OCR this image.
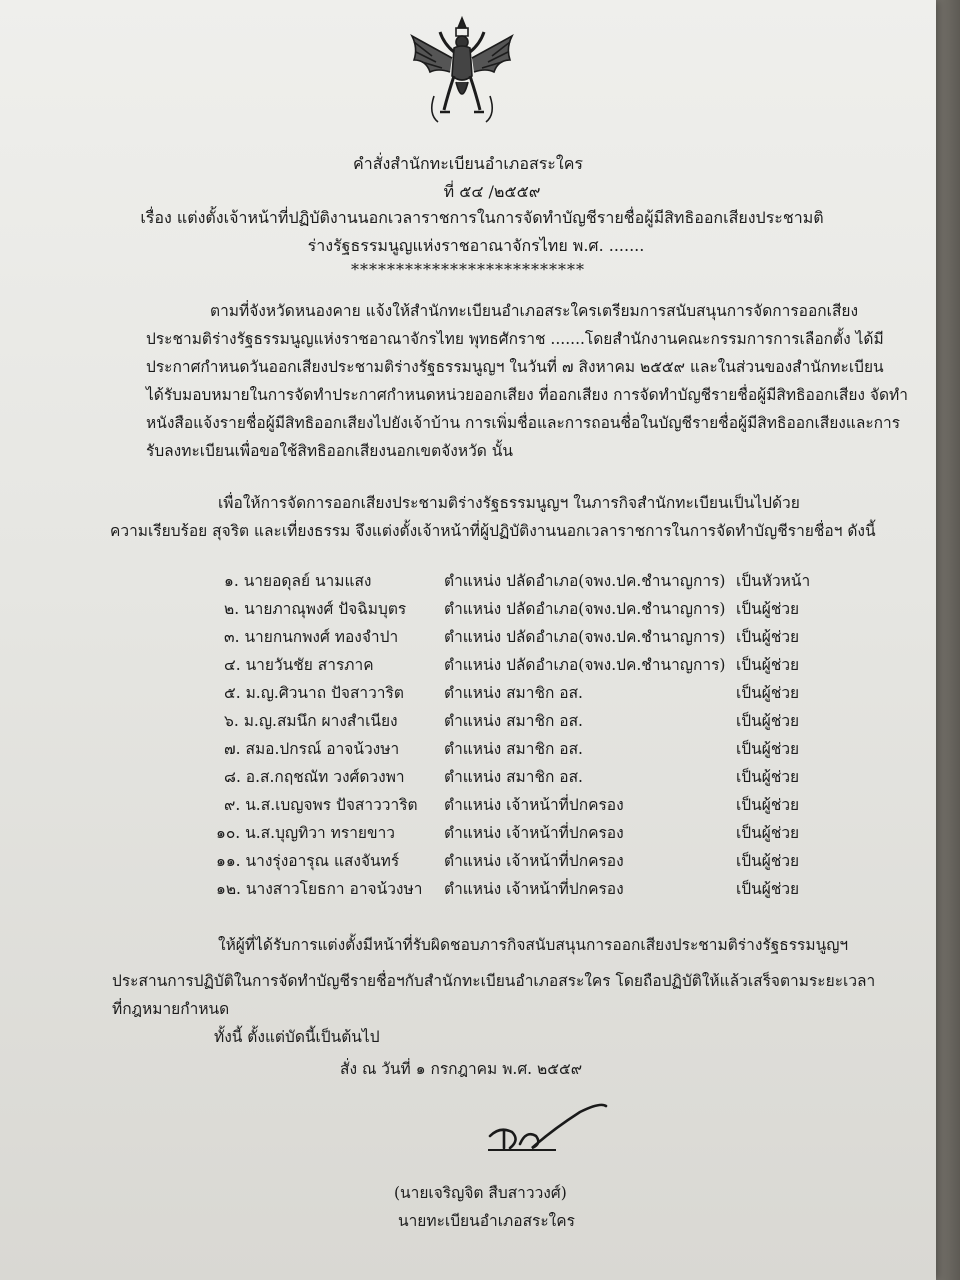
คำสั่งสำนักทะเบียนอำเภอสระใคร
ที่ ๕๔ /๒๕๕๙
เรื่อง แต่งตั้งเจ้าหน้าที่ปฏิบัติงานนอกเวลาราชการในการจัดทำบัญชีรายชื่อผู้มีสิทธิออกเสียงประชามติ
ร่างรัฐธรรมนูญแห่งราชอาณาจักรไทย พ.ศ. .......
**************************
ตามที่จังหวัดหนองคาย แจ้งให้สำนักทะเบียนอำเภอสระใครเตรียมการสนับสนุนการจัดการออกเสียง
ประชามติร่างรัฐธรรมนูญแห่งราชอาณาจักรไทย พุทธศักราช .......โดยสำนักงานคณะกรรมการการเลือกตั้ง ได้มี
ประกาศกำหนดวันออกเสียงประชามติร่างรัฐธรรมนูญฯ ในวันที่ ๗ สิงหาคม ๒๕๕๙ และในส่วนของสำนักทะเบียน
ได้รับมอบหมายในการจัดทำประกาศกำหนดหน่วยออกเสียง ที่ออกเสียง การจัดทำบัญชีรายชื่อผู้มีสิทธิออกเสียง จัดทำ
หนังสือแจ้งรายชื่อผู้มีสิทธิออกเสียงไปยังเจ้าบ้าน การเพิ่มชื่อและการถอนชื่อในบัญชีรายชื่อผู้มีสิทธิออกเสียงและการ
รับลงทะเบียนเพื่อขอใช้สิทธิออกเสียงนอกเขตจังหวัด นั้น
เพื่อให้การจัดการออกเสียงประชามติร่างรัฐธรรมนูญฯ ในภารกิจสำนักทะเบียนเป็นไปด้วย
ความเรียบร้อย สุจริต และเที่ยงธรรม จึงแต่งตั้งเจ้าหน้าที่ผู้ปฏิบัติงานนอกเวลาราชการในการจัดทำบัญชีรายชื่อฯ ดังนี้
๑. นายอดุลย์ นามแสง	ตำแหน่ง ปลัดอำเภอ(จพง.ปค.ชำนาญการ) เป็นหัวหน้า
๒. นายภาณุพงศ์ ปัจฉิมบุตร ตำแหน่ง ปลัดอำเภอ(จพง.ปค.ชำนาญการ) เป็นผู้ช่วย
๓. นายกนกพงศ์ ทองจำปา	ตำแหน่ง ปลัดอำเภอ(จพง.ปค.ชำนาญการ) เป็นผู้ช่วย
๔. นายวันชัย สารภาค	ตำแหน่ง ปลัดอำเภอ(จพง.ปค.ชำนาญการ) เป็นผู้ช่วย
๕. ม.ญ.ศิวนาถ ปัจสาวาริต	ตำแหน่ง สมาชิก อส.	เป็นผู้ช่วย
๖. ม.ญ.สมนึก ผางสำเนียง	ตำแหน่ง สมาชิก อส.	เป็นผู้ช่วย
๗. สมอ.ปกรณ์ อาจน้วงษา	ตำแหน่ง สมาชิก อส.	เป็นผู้ช่วย
๘. อ.ส.กฤชณัท วงศ์ดวงพา	ตำแหน่ง สมาชิก อส.	เป็นผู้ช่วย
๙. น.ส.เบญจพร ปัจสาววาริต ตำแหน่ง เจ้าหน้าที่ปกครอง	เป็นผู้ช่วย
๑๐. น.ส.บุญทิวา ทรายขาว	ตำแหน่ง เจ้าหน้าที่ปกครอง	เป็นผู้ช่วย
๑๑. นางรุ่งอารุณ แสงจันทร์	ตำแหน่ง เจ้าหน้าที่ปกครอง	เป็นผู้ช่วย
๑๒. นางสาวโยธกา อาจน้วงษา ตำแหน่ง เจ้าหน้าที่ปกครอง	เป็นผู้ช่วย
ให้ผู้ที่ได้รับการแต่งตั้งมีหน้าที่รับผิดชอบภารกิจสนับสนุนการออกเสียงประชามติร่างรัฐธรรมนูญฯ
ประสานการปฏิบัติในการจัดทำบัญชีรายชื่อฯกับสำนักทะเบียนอำเภอสระใคร โดยถือปฏิบัติให้แล้วเสร็จตามระยะเวลา
ที่กฎหมายกำหนด
ทั้งนี้ ตั้งแต่บัดนี้เป็นต้นไป
สั่ง ณ วันที่ ๑ กรกฎาคม พ.ศ. ๒๕๕๙
(นายเจริญจิต สืบสาววงศ์)
นายทะเบียนอำเภอสระใคร
